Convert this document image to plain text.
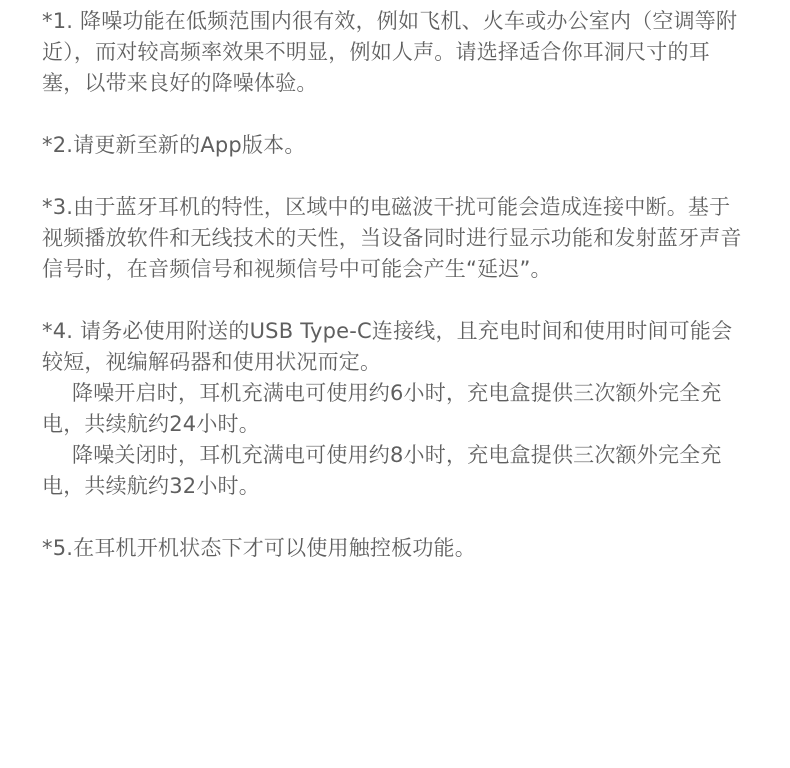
*1. 降噪功能在低频范围内很有效，例如飞机、火车或办公室内（空调等附近），而对较高频率效果不明显，例如人声。请选择适合你耳洞尺寸的耳塞，以带来良好的降噪体验。

*2.请更新至新的App版本。

*3.由于蓝牙耳机的特性，区域中的电磁波干扰可能会造成连接中断。基于视频播放软件和无线技术的天性，当设备同时进行显示功能和发射蓝牙声音信号时，在音频信号和视频信号中可能会产生“延迟”。

*4. 请务必使用附送的USB Type-C连接线，且充电时间和使用时间可能会较短，视编解码器和使用状况而定。

降噪开启时，耳机充满电可使用约6小时，充电盒提供三次额外完全充电，共续航约24小时。

降噪关闭时，耳机充满电可使用约8小时，充电盒提供三次额外完全充电，共续航约32小时。

*5.在耳机开机状态下才可以使用触控板功能。
